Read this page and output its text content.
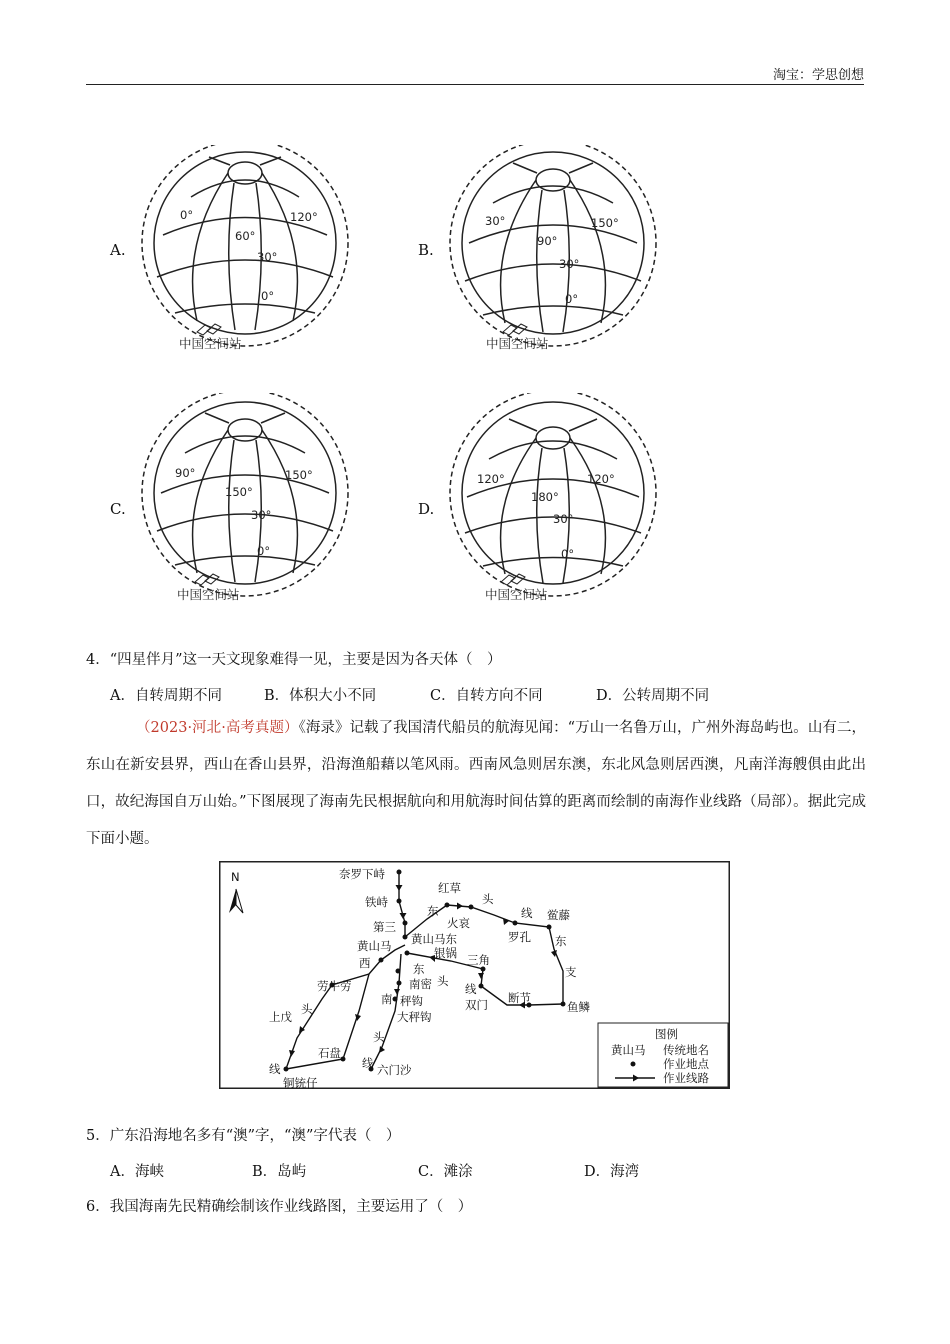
淘宝：学思创想
A.
0°	120°
60°
30°
0°
中国空间站
B.
30°	150°
90°
30°
0°
中国空间站
C.
90°	150°
150°
30°
0°
中国空间站
D.
120°	120°
180°
30°
0°
中国空间站
4．“四星伴月”这一天文现象难得一见，主要是因为各天体（　）
A．自转周期不同	B．体积大小不同	C．自转方向不同	D．公转周期不同
（2023·河北·高考真题）《海录》记载了我国清代船员的航海见闻：“万山一名鲁万山，广州外海岛屿也。山有二，东山在新安县界，西山在香山县界，沿海渔船藉以笔风雨。西南风急则居东澳，东北风急则居西澳，凡南洋海艘俱由此出口，故纪海国自万山始。”下图展现了海南先民根据航向和用航海时间估算的距离而绘制的南海作业线路（局部）。据此完成下面小题。
N	奈罗下峙
铁峙
第三
红草
火哀
黄山马 黄山马东
银锅 三角
罗孔
鲎藤
劳牛劳	南密
秤钩
大秤钩
双门 断节
鱼鳞
上戊
铜铳仔
石盘
六门沙
东
头
线
东
支
西	东
南
头
线
头
线
头
线
图例
黄山马 传统地名
作业地点
作业线路
5．广东沿海地名多有“澳”字，“澳”字代表（　）
A．海峡	B．岛屿	C．滩涂	D．海湾
6．我国海南先民精确绘制该作业线路图，主要运用了（　）
